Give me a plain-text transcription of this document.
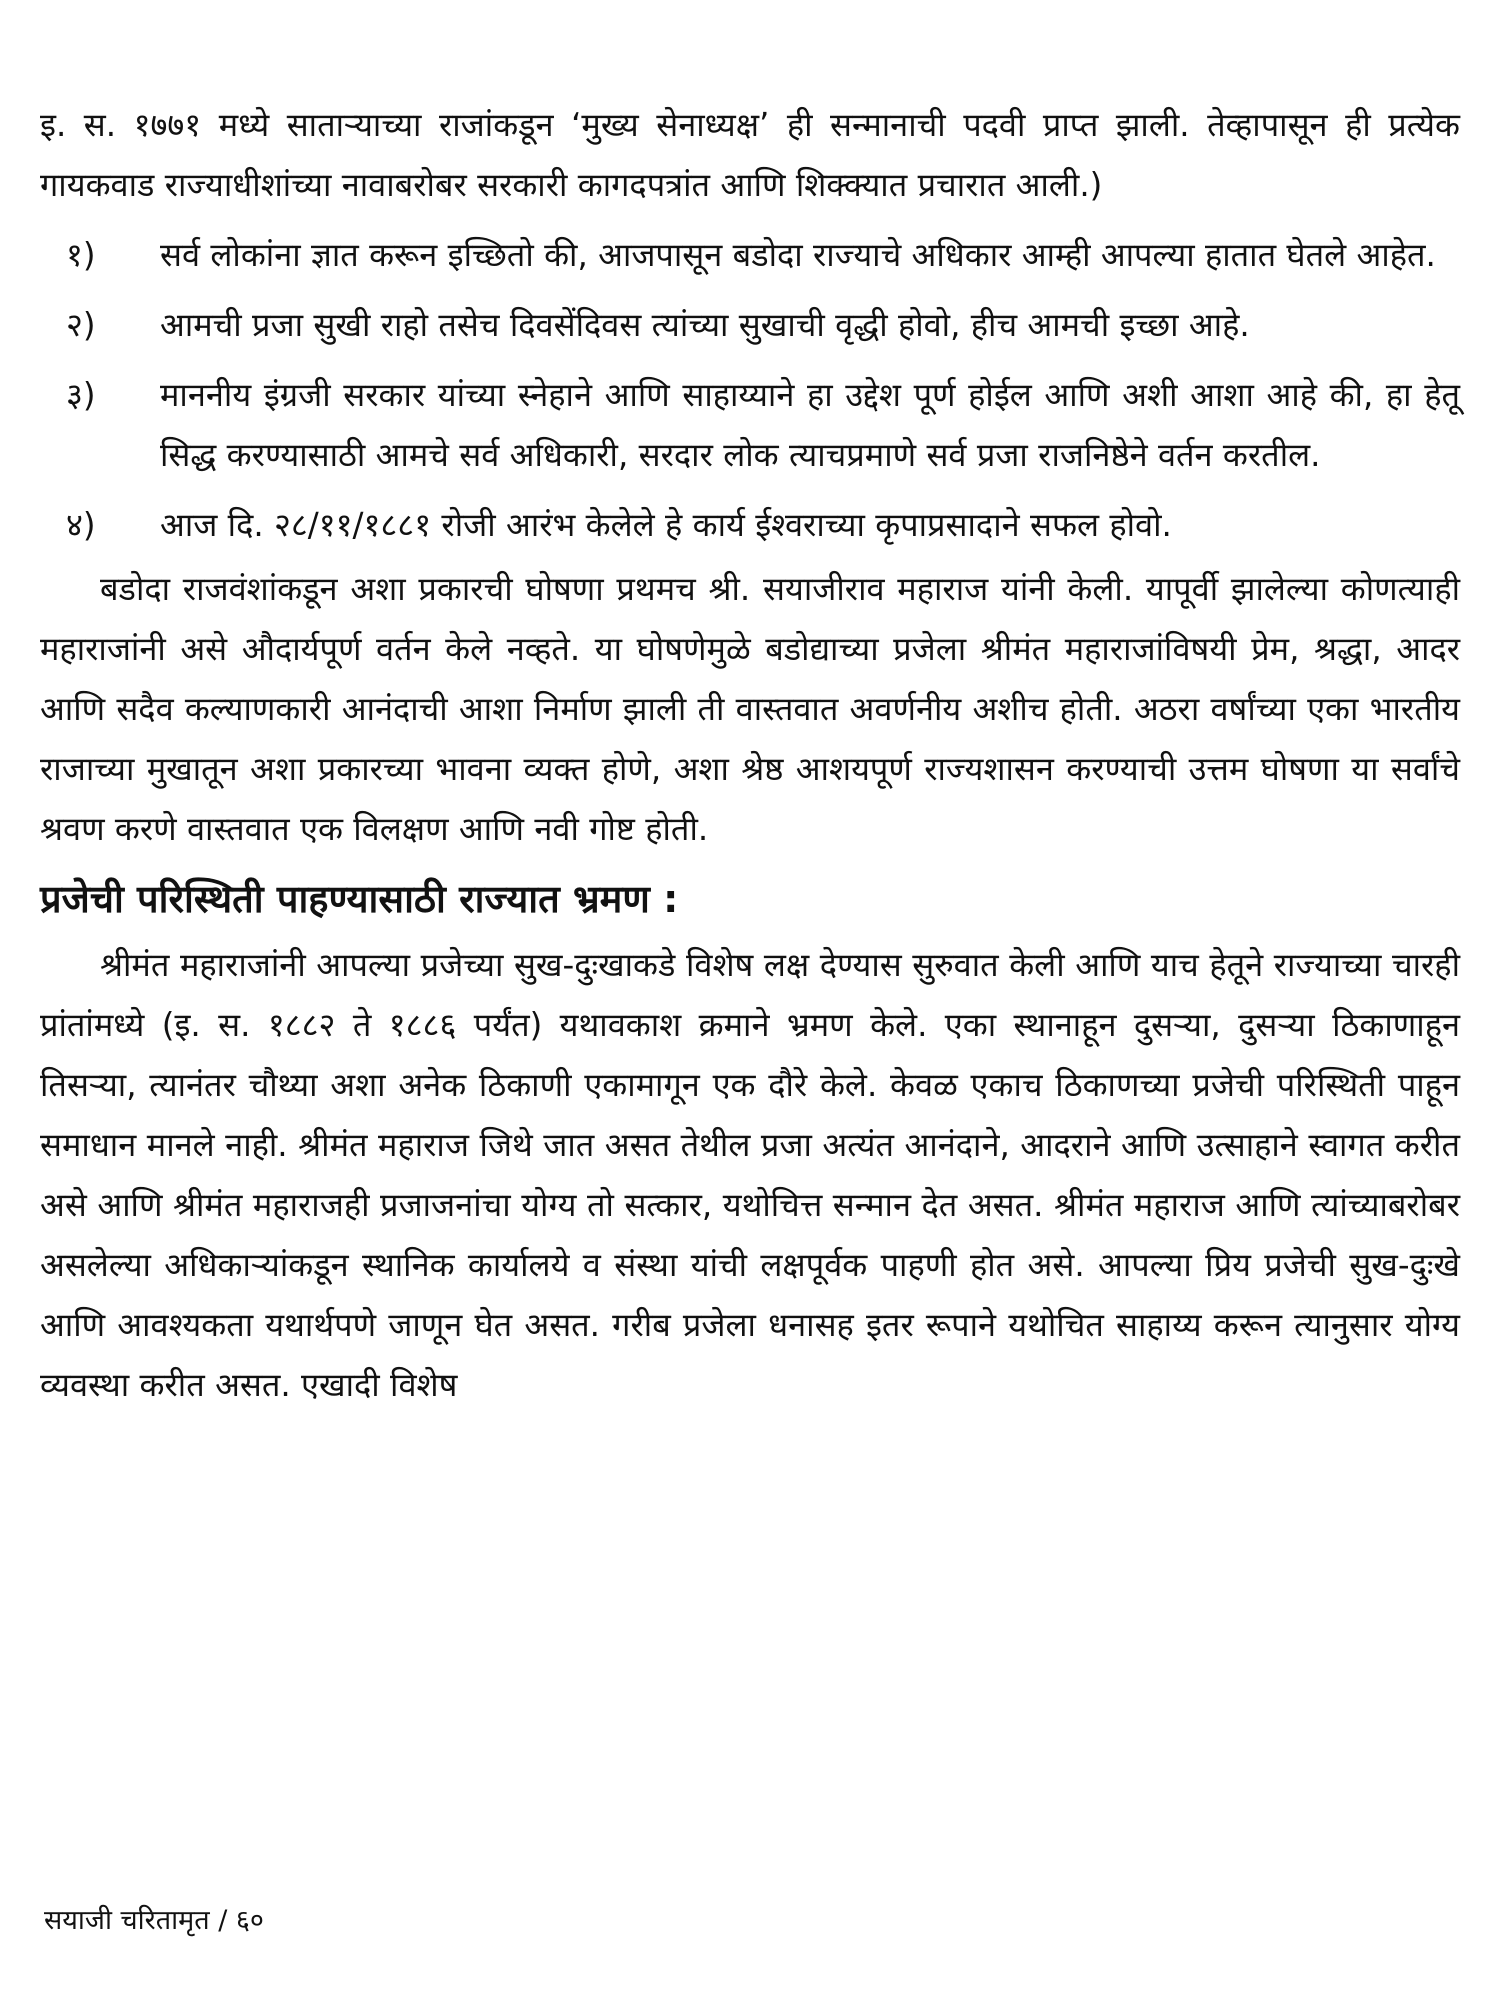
इ. स. १७७१ मध्ये साताऱ्याच्या राजांकडून ‘मुख्य सेनाध्यक्ष’ ही सन्मानाची पदवी प्राप्त झाली. तेव्हापासून ही प्रत्येक गायकवाड राज्याधीशांच्या नावाबरोबर सरकारी कागदपत्रांत आणि शिक्क्यात प्रचारात आली.)

१) सर्व लोकांना ज्ञात करून इच्छितो की, आजपासून बडोदा राज्याचे अधिकार आम्ही आपल्या हातात घेतले आहेत.

२) आमची प्रजा सुखी राहो तसेच दिवसेंदिवस त्यांच्या सुखाची वृद्धी होवो, हीच आमची इच्छा आहे.

३) माननीय इंग्रजी सरकार यांच्या स्नेहाने आणि साहाय्याने हा उद्देश पूर्ण होईल आणि अशी आशा आहे की, हा हेतू सिद्ध करण्यासाठी आमचे सर्व अधिकारी, सरदार लोक त्याचप्रमाणे सर्व प्रजा राजनिष्ठेने वर्तन करतील.

४) आज दि. २८/११/१८८१ रोजी आरंभ केलेले हे कार्य ईश्वराच्या कृपाप्रसादाने सफल होवो.

बडोदा राजवंशांकडून अशा प्रकारची घोषणा प्रथमच श्री. सयाजीराव महाराज यांनी केली. यापूर्वी झालेल्या कोणत्याही महाराजांनी असे औदार्यपूर्ण वर्तन केले नव्हते. या घोषणेमुळे बडोद्याच्या प्रजेला श्रीमंत महाराजांविषयी प्रेम, श्रद्धा, आदर आणि सदैव कल्याणकारी आनंदाची आशा निर्माण झाली ती वास्तवात अवर्णनीय अशीच होती. अठरा वर्षांच्या एका भारतीय राजाच्या मुखातून अशा प्रकारच्या भावना व्यक्त होणे, अशा श्रेष्ठ आशयपूर्ण राज्यशासन करण्याची उत्तम घोषणा या सर्वांचे श्रवण करणे वास्तवात एक विलक्षण आणि नवी गोष्ट होती.

प्रजेची परिस्थिती पाहण्यासाठी राज्यात भ्रमण :

श्रीमंत महाराजांनी आपल्या प्रजेच्या सुख-दुःखाकडे विशेष लक्ष देण्यास सुरुवात केली आणि याच हेतूने राज्याच्या चारही प्रांतांमध्ये (इ. स. १८८२ ते १८८६ पर्यंत) यथावकाश क्रमाने भ्रमण केले. एका स्थानाहून दुसऱ्या, दुसऱ्या ठिकाणाहून तिसऱ्या, त्यानंतर चौथ्या अशा अनेक ठिकाणी एकामागून एक दौरे केले. केवळ एकाच ठिकाणच्या प्रजेची परिस्थिती पाहून समाधान मानले नाही. श्रीमंत महाराज जिथे जात असत तेथील प्रजा अत्यंत आनंदाने, आदराने आणि उत्साहाने स्वागत करीत असे आणि श्रीमंत महाराजही प्रजाजनांचा योग्य तो सत्कार, यथोचित्त सन्मान देत असत. श्रीमंत महाराज आणि त्यांच्याबरोबर असलेल्या अधिकाऱ्यांकडून स्थानिक कार्यालये व संस्था यांची लक्षपूर्वक पाहणी होत असे. आपल्या प्रिय प्रजेची सुख-दुःखे आणि आवश्यकता यथार्थपणे जाणून घेत असत. गरीब प्रजेला धनासह इतर रूपाने यथोचित साहाय्य करून त्यानुसार योग्य व्यवस्था करीत असत. एखादी विशेष

सयाजी चरितामृत / ६०
